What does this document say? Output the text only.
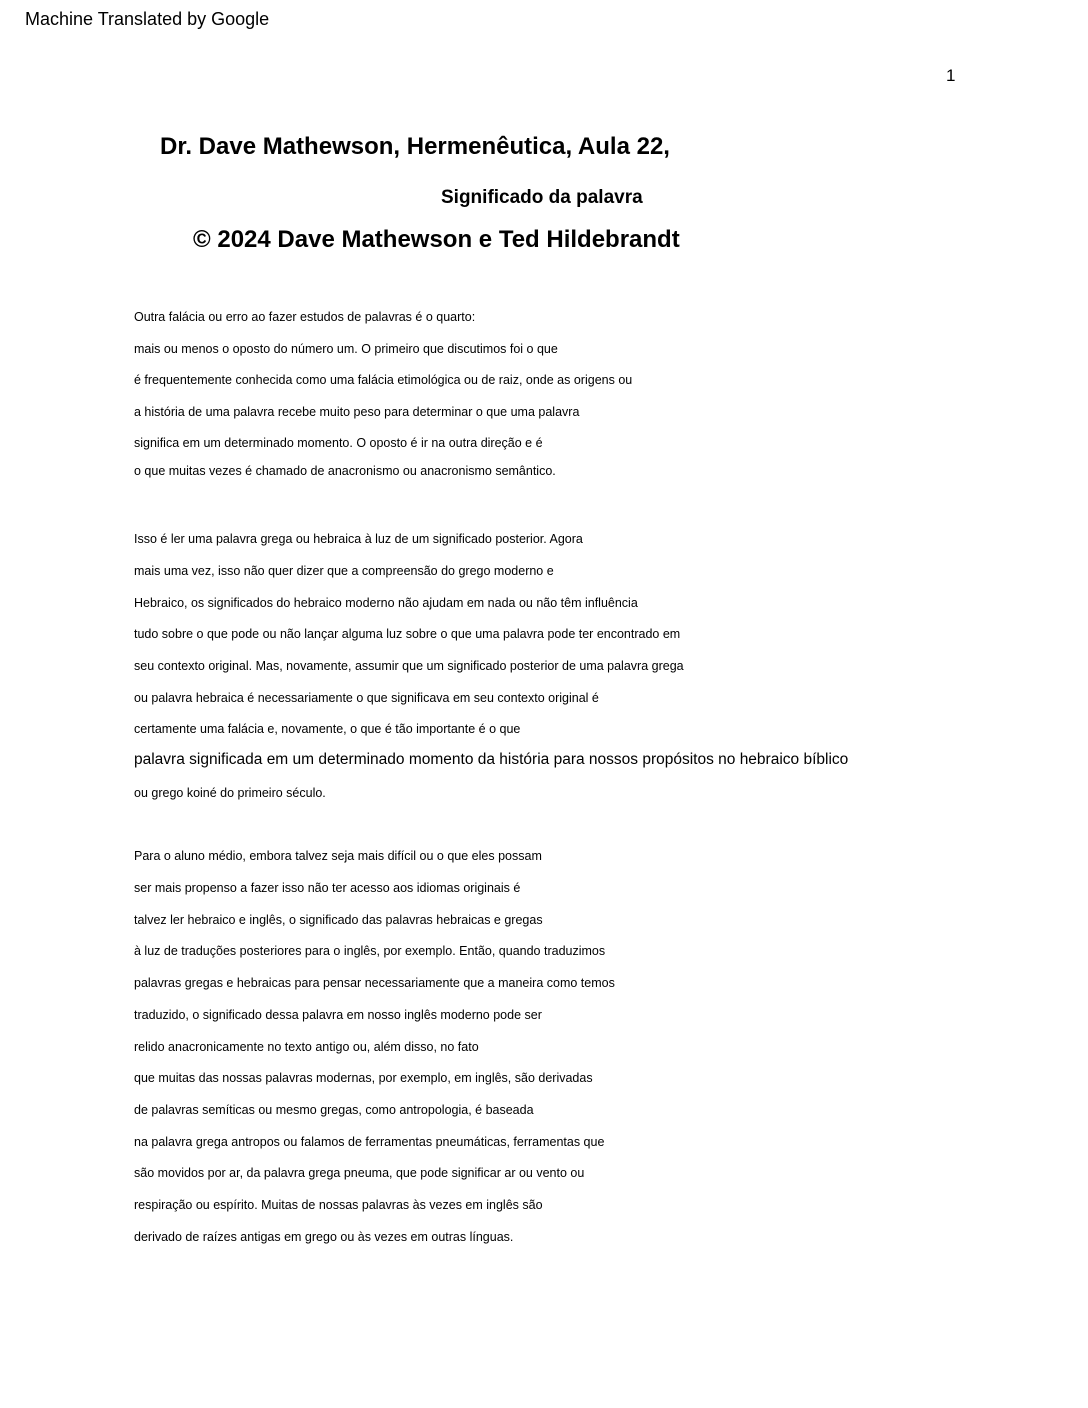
Machine Translated by Google
1
Dr. Dave Mathewson, Hermenêutica, Aula 22,
Significado da palavra
© 2024 Dave Mathewson e Ted Hildebrandt
Outra falácia ou erro ao fazer estudos de palavras é o quarto:
mais ou menos o oposto do número um. O primeiro que discutimos foi o que
é frequentemente conhecida como uma falácia etimológica ou de raiz, onde as origens ou
a história de uma palavra recebe muito peso para determinar o que uma palavra
significa em um determinado momento. O oposto é ir na outra direção e é
o que muitas vezes é chamado de anacronismo ou anacronismo semântico.
Isso é ler uma palavra grega ou hebraica à luz de um significado posterior. Agora
mais uma vez, isso não quer dizer que a compreensão do grego moderno e
Hebraico, os significados do hebraico moderno não ajudam em nada ou não têm influência
tudo sobre o que pode ou não lançar alguma luz sobre o que uma palavra pode ter encontrado em
seu contexto original. Mas, novamente, assumir que um significado posterior de uma palavra grega
ou palavra hebraica é necessariamente o que significava em seu contexto original é
certamente uma falácia e, novamente, o que é tão importante é o que
palavra significada em um determinado momento da história para nossos propósitos no hebraico bíblico
ou grego koiné do primeiro século.
Para o aluno médio, embora talvez seja mais difícil ou o que eles possam
ser mais propenso a fazer isso não ter acesso aos idiomas originais é
talvez ler hebraico e inglês, o significado das palavras hebraicas e gregas
à luz de traduções posteriores para o inglês, por exemplo. Então, quando traduzimos
palavras gregas e hebraicas para pensar necessariamente que a maneira como temos
traduzido, o significado dessa palavra em nosso inglês moderno pode ser
relido anacronicamente no texto antigo ou, além disso, no fato
que muitas das nossas palavras modernas, por exemplo, em inglês, são derivadas
de palavras semíticas ou mesmo gregas, como antropologia, é baseada
na palavra grega antropos ou falamos de ferramentas pneumáticas, ferramentas que
são movidos por ar, da palavra grega pneuma, que pode significar ar ou vento ou
respiração ou espírito. Muitas de nossas palavras às vezes em inglês são
derivado de raízes antigas em grego ou às vezes em outras línguas.
